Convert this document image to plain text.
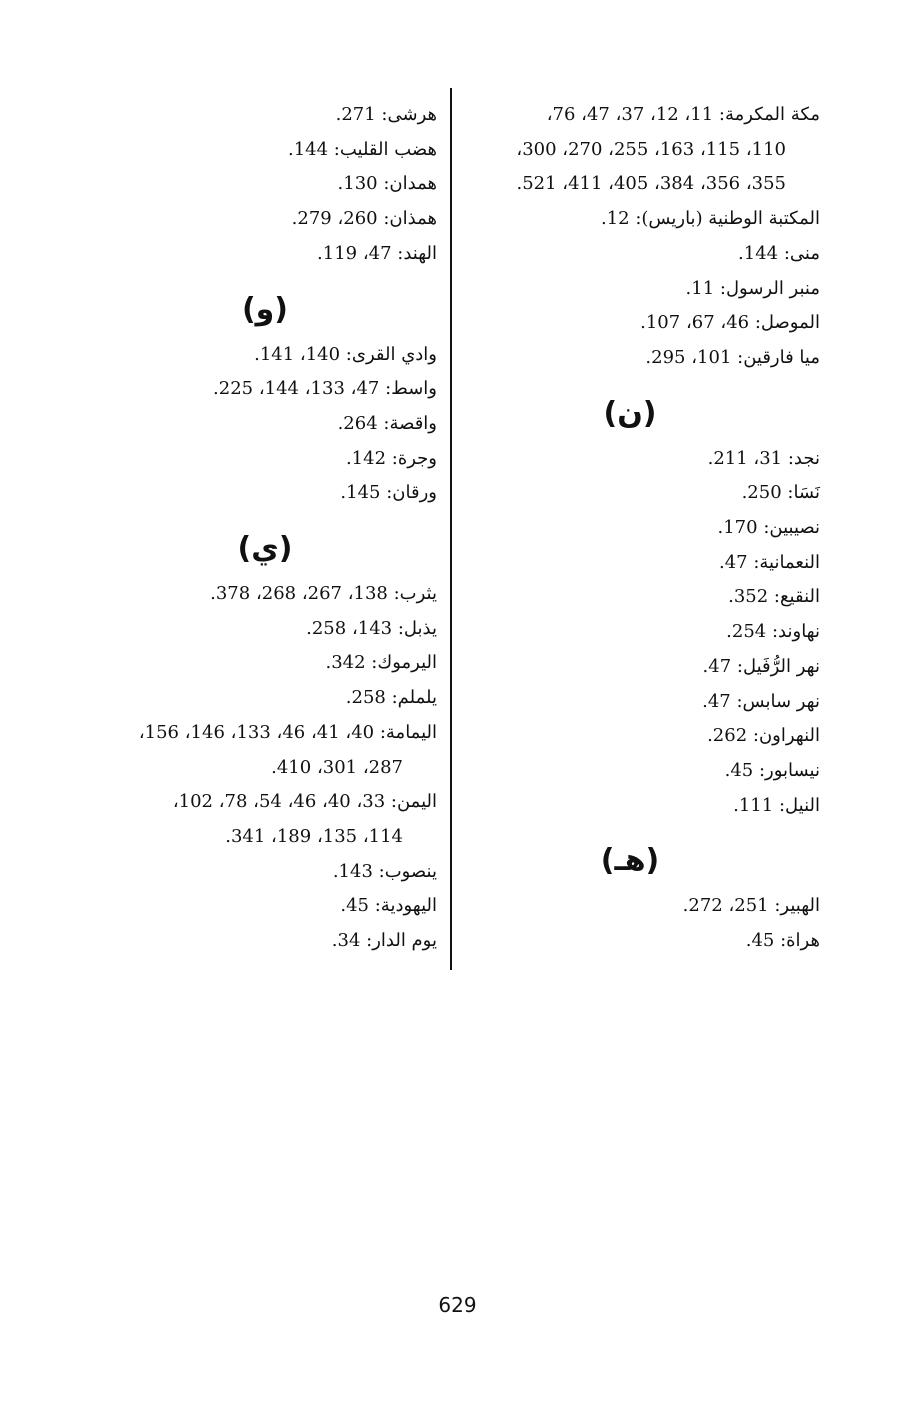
مكة المكرمة: 11، 12، 37، 47، 76،
110، 115، 163، 255، 270، 300،
355، 356، 384، 405، 411، 521.
المكتبة الوطنية (باريس): 12.
منى: 144.
منبر الرسول: 11.
الموصل: 46، 67، 107.
ميا فارقين: 101، 295.
(ن)
نجد: 31، 211.
نَسَا: 250.
نصيبين: 170.
النعمانية: 47.
النقيع: 352.
نهاوند: 254.
نهر الرُّفَيل: 47.
نهر سابس: 47.
النهراون: 262.
نيسابور: 45.
النيل: 111.
(هـ)
الهبير: 251، 272.
هراة: 45.
هرشى: 271.
هضب القليب: 144.
همدان: 130.
همذان: 260، 279.
الهند: 47، 119.
(و)
وادي القرى: 140، 141.
واسط: 47، 133، 144، 225.
واقصة: 264.
وجرة: 142.
ورقان: 145.
(ي)
يثرب: 138، 267، 268، 378.
يذبل: 143، 258.
اليرموك: 342.
يلملم: 258.
اليمامة: 40، 41، 46، 133، 146، 156،
287، 301، 410.
اليمن: 33، 40، 46، 54، 78، 102،
114، 135، 189، 341.
ينصوب: 143.
اليهودية: 45.
يوم الدار: 34.
629
